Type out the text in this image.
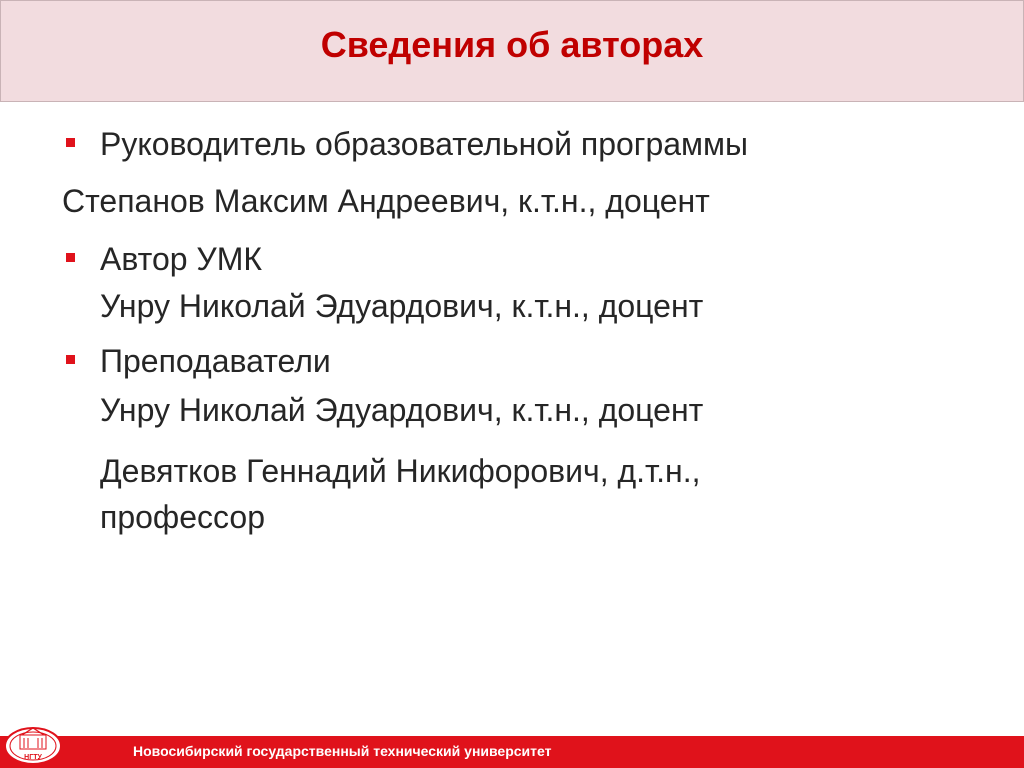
Сведения об авторах
Руководитель образовательной программы
Степанов Максим Андреевич, к.т.н., доцент
Автор УМК
Унру Николай Эдуардович, к.т.н., доцент
Преподаватели
Унру Николай Эдуардович, к.т.н., доцент
Девятков Геннадий Никифорович, д.т.н.,
профессор
Новосибирский государственный технический университет
НГТУ
